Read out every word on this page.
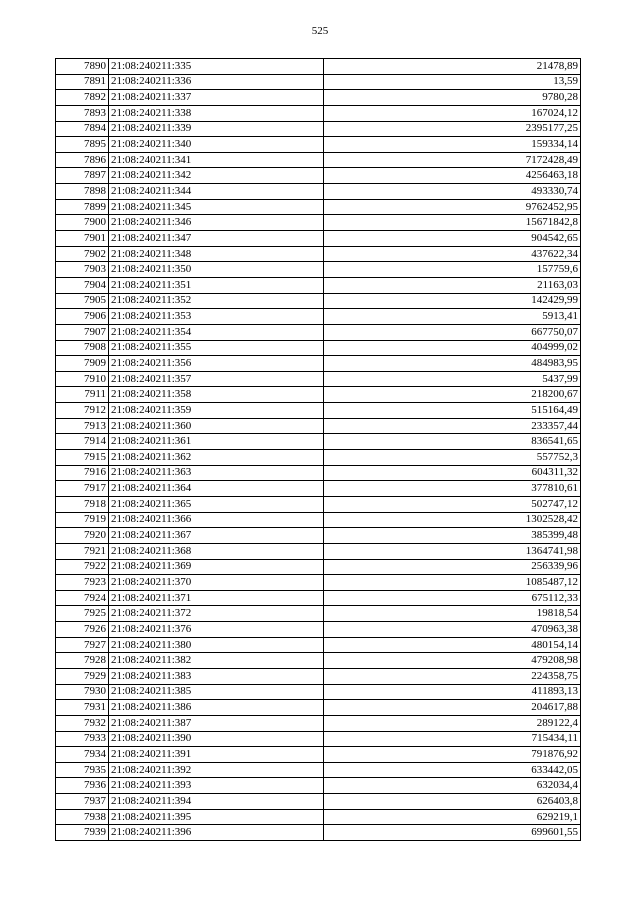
525
7890	21:08:240211:335	21478,89
7891	21:08:240211:336	13,59
7892	21:08:240211:337	9780,28
7893	21:08:240211:338	167024,12
7894	21:08:240211:339	2395177,25
7895	21:08:240211:340	159334,14
7896	21:08:240211:341	7172428,49
7897	21:08:240211:342	4256463,18
7898	21:08:240211:344	493330,74
7899	21:08:240211:345	9762452,95
7900	21:08:240211:346	15671842,8
7901	21:08:240211:347	904542,65
7902	21:08:240211:348	437622,34
7903	21:08:240211:350	157759,6
7904	21:08:240211:351	21163,03
7905	21:08:240211:352	142429,99
7906	21:08:240211:353	5913,41
7907	21:08:240211:354	667750,07
7908	21:08:240211:355	404999,02
7909	21:08:240211:356	484983,95
7910	21:08:240211:357	5437,99
7911	21:08:240211:358	218200,67
7912	21:08:240211:359	515164,49
7913	21:08:240211:360	233357,44
7914	21:08:240211:361	836541,65
7915	21:08:240211:362	557752,3
7916	21:08:240211:363	604311,32
7917	21:08:240211:364	377810,61
7918	21:08:240211:365	502747,12
7919	21:08:240211:366	1302528,42
7920	21:08:240211:367	385399,48
7921	21:08:240211:368	1364741,98
7922	21:08:240211:369	256339,96
7923	21:08:240211:370	1085487,12
7924	21:08:240211:371	675112,33
7925	21:08:240211:372	19818,54
7926	21:08:240211:376	470963,38
7927	21:08:240211:380	480154,14
7928	21:08:240211:382	479208,98
7929	21:08:240211:383	224358,75
7930	21:08:240211:385	411893,13
7931	21:08:240211:386	204617,88
7932	21:08:240211:387	289122,4
7933	21:08:240211:390	715434,11
7934	21:08:240211:391	791876,92
7935	21:08:240211:392	633442,05
7936	21:08:240211:393	632034,4
7937	21:08:240211:394	626403,8
7938	21:08:240211:395	629219,1
7939	21:08:240211:396	699601,55
